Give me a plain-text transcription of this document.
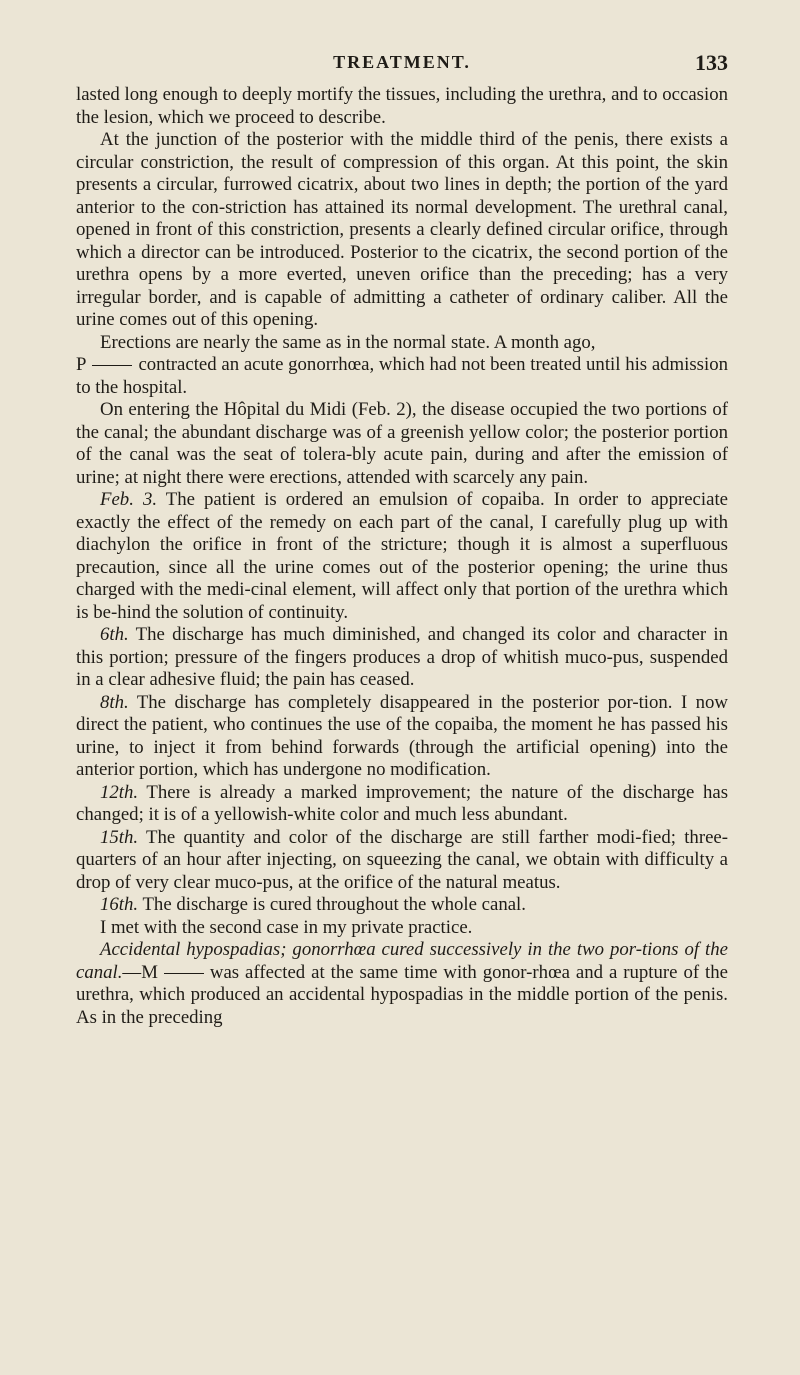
TREATMENT.	133

lasted long enough to deeply mortify the tissues, including the urethra, and to occasion the lesion, which we proceed to describe.

At the junction of the posterior with the middle third of the penis, there exists a circular constriction, the result of compression of this organ. At this point, the skin presents a circular, furrowed cicatrix, about two lines in depth; the portion of the yard anterior to the con-striction has attained its normal development. The urethral canal, opened in front of this constriction, presents a clearly defined circular orifice, through which a director can be introduced. Posterior to the cicatrix, the second portion of the urethra opens by a more everted, uneven orifice than the preceding; has a very irregular border, and is capable of admitting a catheter of ordinary caliber. All the urine comes out of this opening.

Erections are nearly the same as in the normal state. A month ago,

P	contracted an acute gonorrhœa, which had not been treated until his admission to the hospital.

On entering the Hôpital du Midi (Feb. 2), the disease occupied the two portions of the canal; the abundant discharge was of a greenish yellow color; the posterior portion of the canal was the seat of tolera-bly acute pain, during and after the emission of urine; at night there were erections, attended with scarcely any pain.

Feb. 3. The patient is ordered an emulsion of copaiba. In order to appreciate exactly the effect of the remedy on each part of the canal, I carefully plug up with diachylon the orifice in front of the stricture; though it is almost a superfluous precaution, since all the urine comes out of the posterior opening; the urine thus charged with the medi-cinal element, will affect only that portion of the urethra which is be-hind the solution of continuity.

6th. The discharge has much diminished, and changed its color and character in this portion; pressure of the fingers produces a drop of whitish muco-pus, suspended in a clear adhesive fluid; the pain has ceased.

8th. The discharge has completely disappeared in the posterior por-tion. I now direct the patient, who continues the use of the copaiba, the moment he has passed his urine, to inject it from behind forwards (through the artificial opening) into the anterior portion, which has undergone no modification.

12th. There is already a marked improvement; the nature of the discharge has changed; it is of a yellowish-white color and much less abundant.

15th. The quantity and color of the discharge are still farther modi-fied; three-quarters of an hour after injecting, on squeezing the canal, we obtain with difficulty a drop of very clear muco-pus, at the orifice of the natural meatus.

16th. The discharge is cured throughout the whole canal.

I met with the second case in my private practice.

Accidental hypospadias; gonorrhœa cured successively in the two por-tions of the canal.—M	was affected at the same time with gonor-rhœa and a rupture of the urethra, which produced an accidental hypospadias in the middle portion of the penis. As in the preceding
